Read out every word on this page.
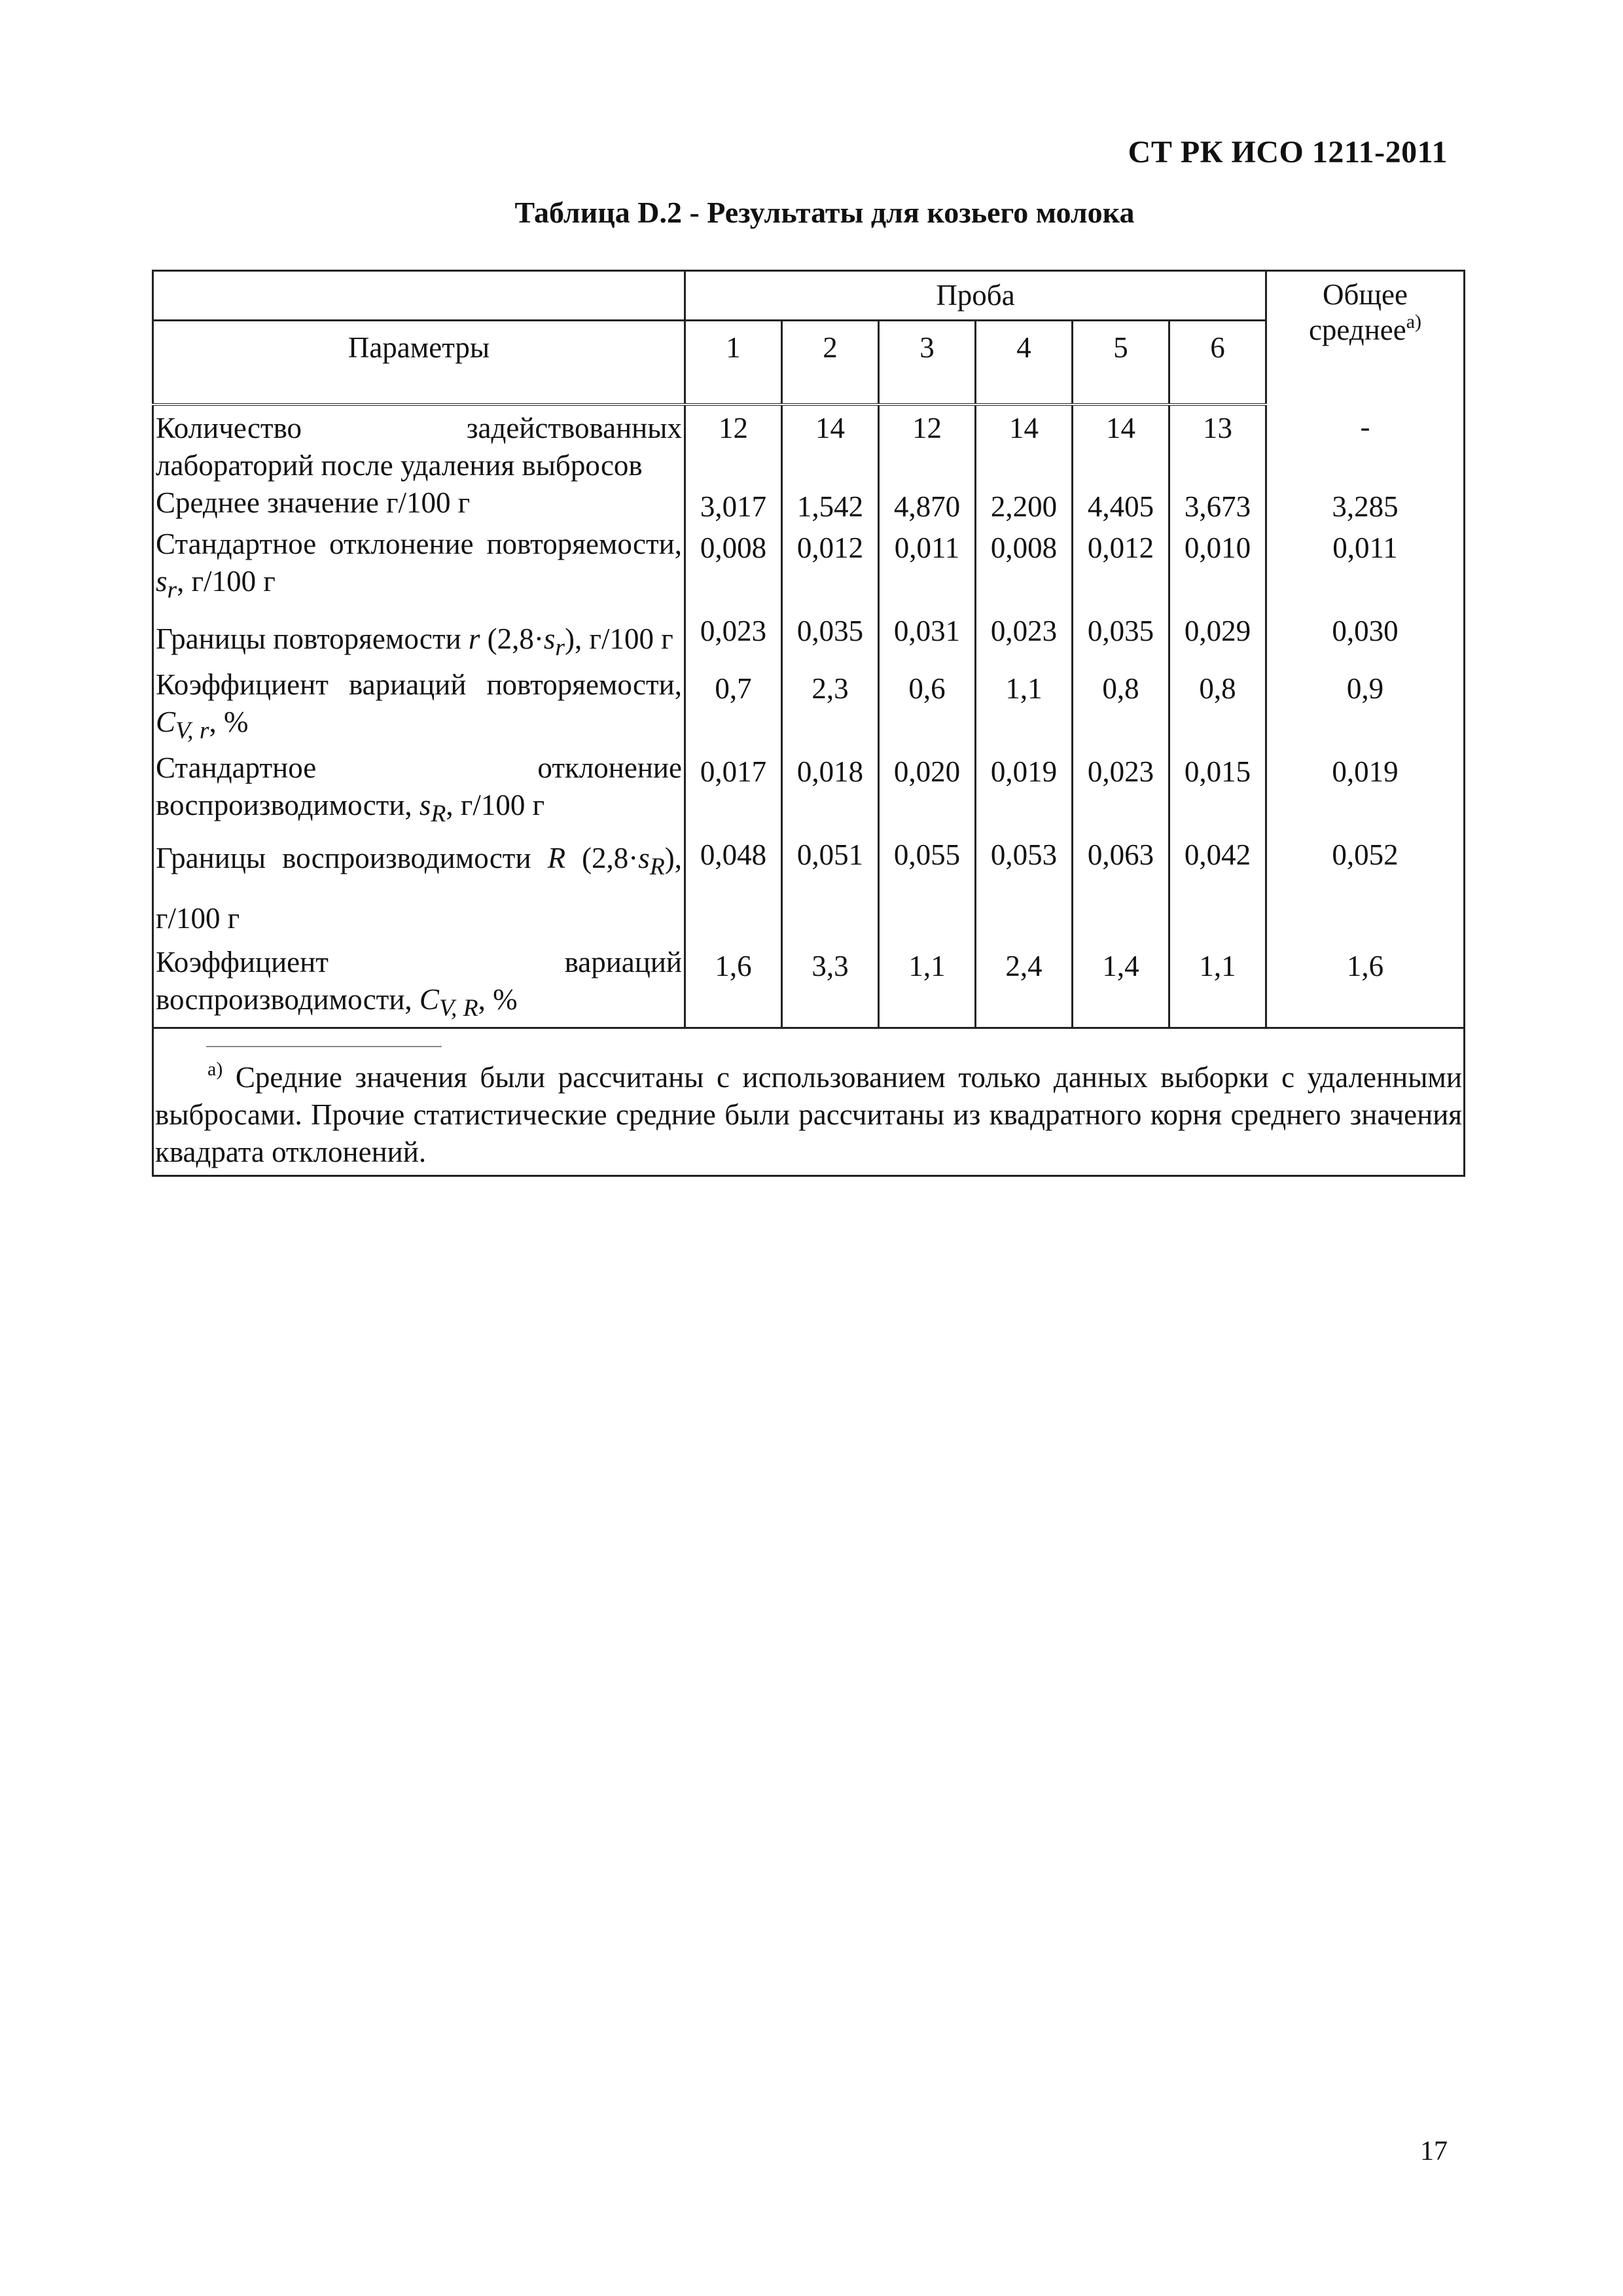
СТ РК ИСО 1211-2011
Таблица D.2 - Результаты для козьего молока
	Проба						Общее
среднее$^{a)}$
Параметры	1	2	3	4	5	6	
Количество задействованных лабораторий после удаления выбросов	12	14	12	14	14	13	-
Среднее значение г/100 г	3,017	1,542	4,870	2,200	4,405	3,673	3,285
Стандартное отклонение повторяемости, $s_r$, г/100 г	0,008	0,012	0,011	0,008	0,012	0,010	0,011
Границы повторяемости r $(2,8\cdot s_r)$, г/100 г	0,023	0,035	0,031	0,023	0,035	0,029	0,030
Коэффициент вариаций повторяемости, $C_{V, r}$, %	0,7	2,3	0,6	1,1	0,8	0,8	0,9
Стандартное отклонение воспроизводимости, $s_R$, г/100 г	0,017	0,018	0,020	0,019	0,023	0,015	0,019
Границы воспроизводимости R $(2,8\cdot s_R)$, г/100 г	0,048	0,051	0,055	0,053	0,063	0,042	0,052
Коэффициент вариаций воспроизводимости, $C_{V, R}$, %	1,6	3,3	1,1	2,4	1,4	1,1	1,6

$^{a)}$ Средние значения были рассчитаны с использованием только данных выборки с удаленными выбросами. Прочие статистические средние были рассчитаны из квадратного корня среднего значения квадрата отклонений.							
17
